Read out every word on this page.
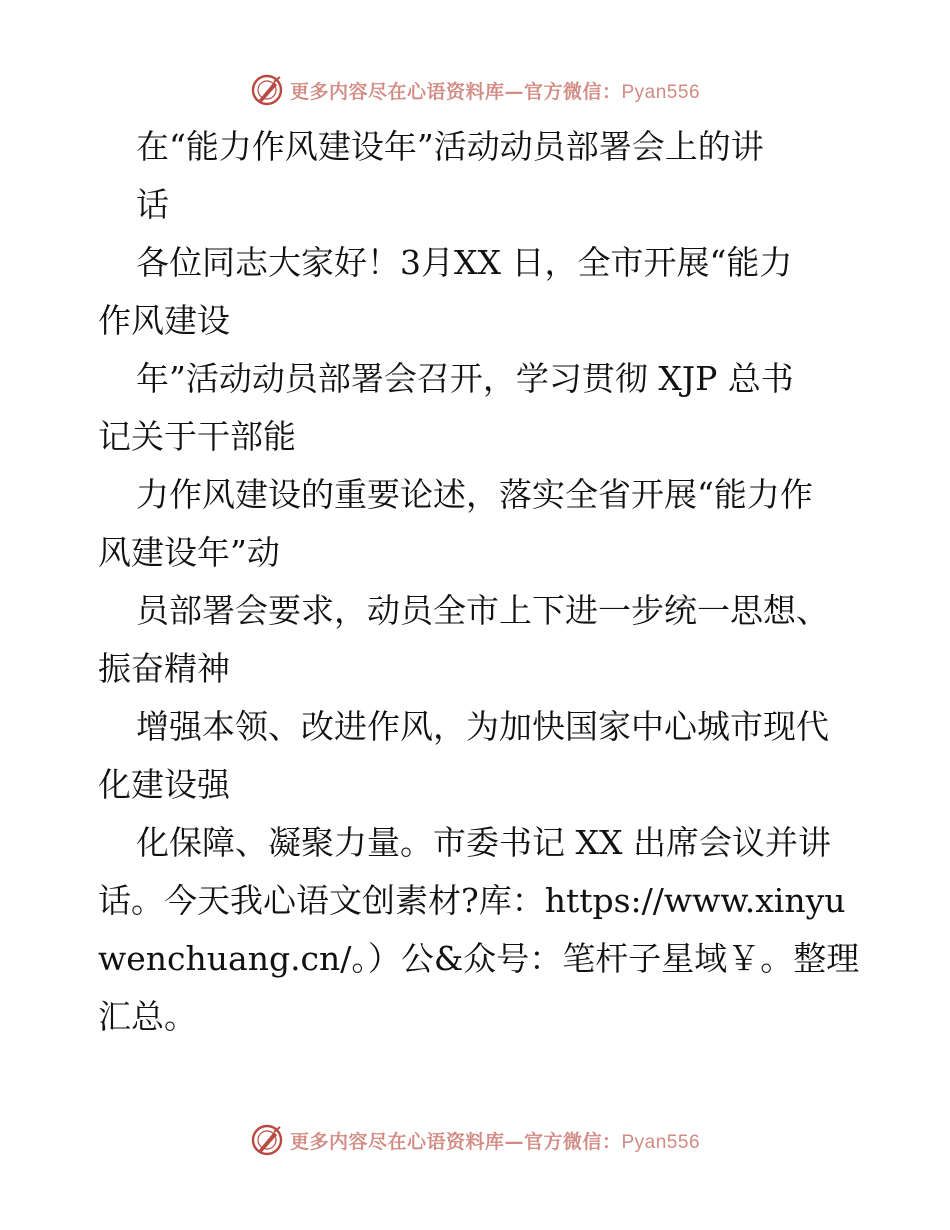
更多内容尽在心语资料库—官方微信：Pyan556
在“能力作风建设年”活动动员部署会上的讲
话
各位同志大家好！3月XX 日，全市开展“能力
作风建设
年”活动动员部署会召开，学习贯彻 XJP 总书
记关于干部能
力作风建设的重要论述，落实全省开展“能力作
风建设年”动
员部署会要求，动员全市上下进一步统一思想、
振奋精神
增强本领、改进作风，为加快国家中心城市现代
化建设强
化保障、凝聚力量。市委书记 XX 出席会议并讲
话。今天我心语文创素材?库：https://www.xinyu
wenchuang.cn/。）公&众号：笔杆子星域￥。整理
汇总。
更多内容尽在心语资料库—官方微信：Pyan556
